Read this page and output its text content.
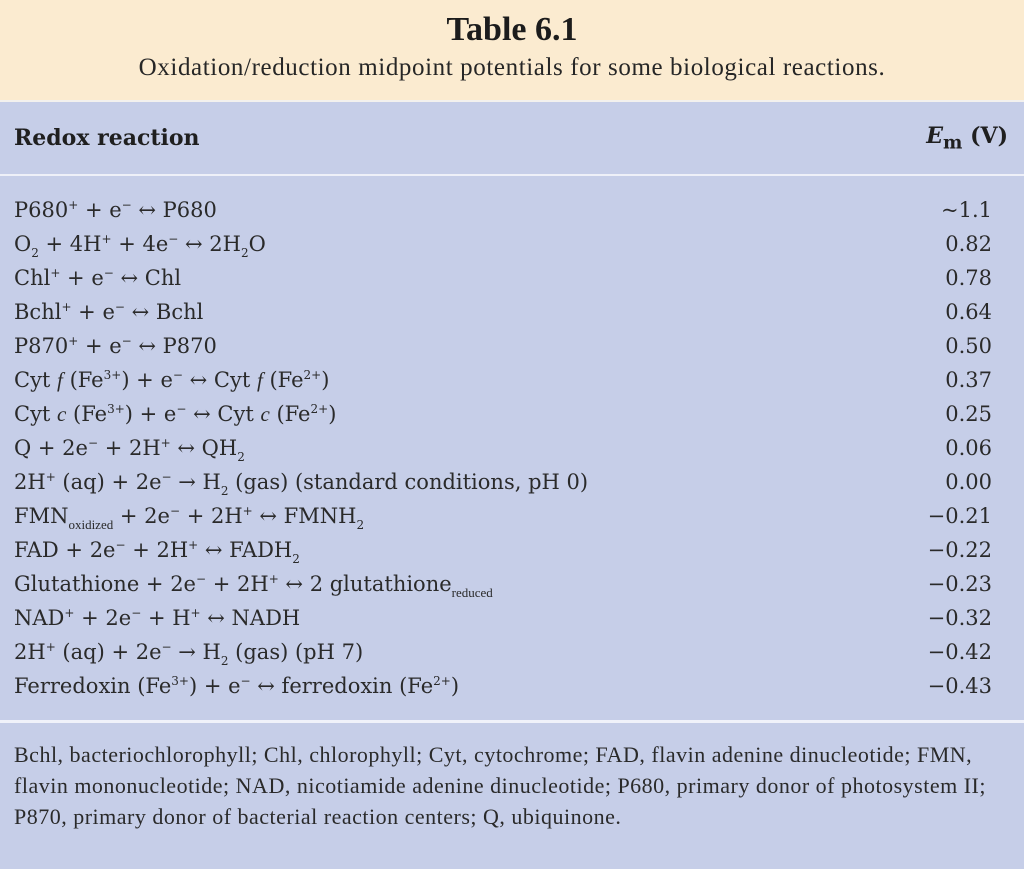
Table 6.1
Oxidation/reduction midpoint potentials for some biological reactions.
Redox reaction	$E_m$ (V)
P680+ + e− ↔ P680	~1.1
$O_2 + 4H^+ + 4e^-$ ↔ $2H_2O$	0.82
Chl+ + e− ↔ Chl	0.78
Bchl+ + e− ↔ Bchl	0.64
P870+ + e− ↔ P870	0.50
Cyt f $(Fe^{3+}) + e^-$ ↔ Cyt f $(Fe^{2+})$	0.37
Cyt c $(Fe^{3+}) + e^-$ ↔ Cyt c $(Fe^{2+})$	0.25
Q + 2e− + 2H+ ↔ $QH_2$	0.06
2H+ $(aq) + 2e^- \to H_2$ (gas) (standard conditions, pH 0)	0.00
$FMN_{oxidized} + 2e^- + 2H^+$ ↔ $FMNH_2$	−0.21
FAD + 2e− + 2H+ ↔ $FADH_2$	−0.22
Glutathione + 2e− + 2H+ ↔ 2 glutathione$_{reduced}$	−0.23
NAD+ + 2e− + H+ ↔ NADH	−0.32
2H+ $(aq) + 2e^- \to H_2$ (gas) (pH 7)	−0.42
Ferredoxin $(Fe^{3+}) + e^-$ ↔ ferredoxin $(Fe^{2+})$	−0.43
Bchl, bacteriochlorophyll; Chl, chlorophyll; Cyt, cytochrome; FAD, flavin adenine dinucleotide; FMN, flavin mononucleotide; NAD, nicotiamide adenine dinucleotide; P680, primary donor of photosystem II; P870, primary donor of bacterial reaction centers; Q, ubiquinone.
